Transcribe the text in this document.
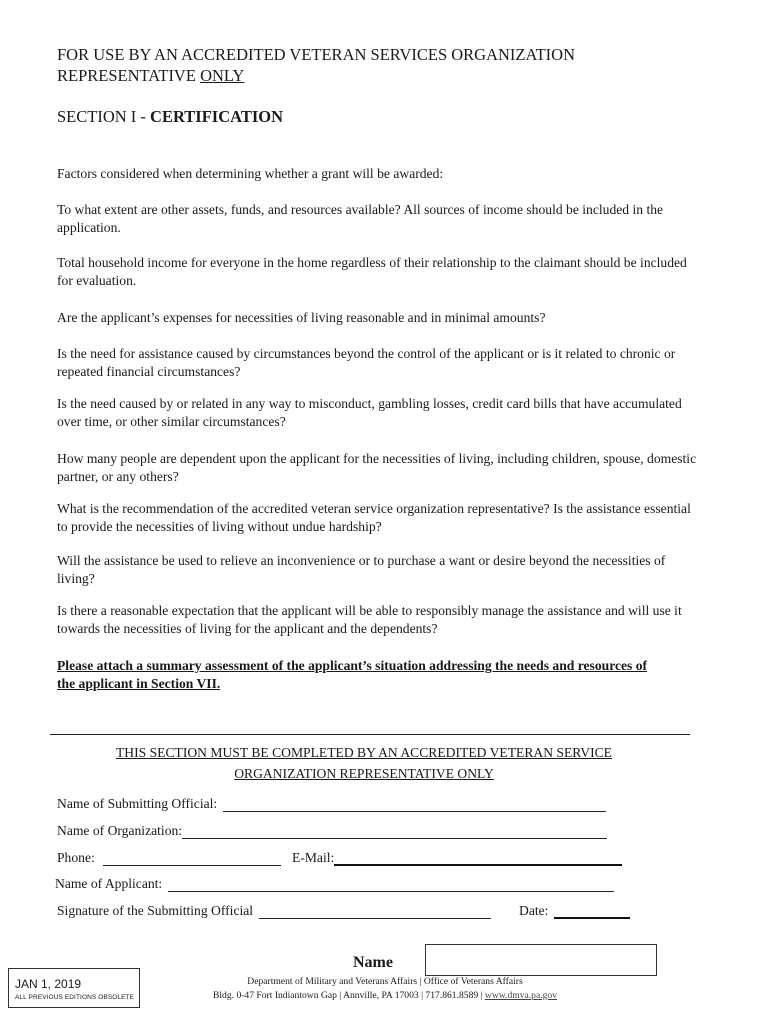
FOR USE BY AN ACCREDITED VETERAN SERVICES ORGANIZATION
REPRESENTATIVE ONLY
SECTION I - CERTIFICATION
Factors considered when determining whether a grant will be awarded:
To what extent are other assets, funds, and resources available? All sources of income should be included in the application.
Total household income for everyone in the home regardless of their relationship to the claimant should be included for evaluation.
Are the applicant’s expenses for necessities of living reasonable and in minimal amounts?
Is the need for assistance caused by circumstances beyond the control of the applicant or is it related to chronic or repeated financial circumstances?
Is the need caused by or related in any way to misconduct, gambling losses, credit card bills that have accumulated over time, or other similar circumstances?
How many people are dependent upon the applicant for the necessities of living, including children, spouse, domestic partner, or any others?
What is the recommendation of the accredited veteran service organization representative? Is the assistance essential to provide the necessities of living without undue hardship?
Will the assistance be used to relieve an inconvenience or to purchase a want or desire beyond the necessities of living?
Is there a reasonable expectation that the applicant will be able to responsibly manage the assistance and will use it towards the necessities of living for the applicant and the dependents?
Please attach a summary assessment of the applicant’s situation addressing the needs and resources of the applicant in Section VII.
THIS SECTION MUST BE COMPLETED BY AN ACCREDITED VETERAN SERVICE
ORGANIZATION REPRESENTATIVE ONLY
Name of Submitting Official:
Name of Organization:
Phone:	E-Mail:
Name of Applicant:
Signature of the Submitting Official	Date:
Name
JAN 1, 2019
ALL PREVIOUS EDITIONS OBSOLETE
Department of Military and Veterans Affairs | Office of Veterans Affairs
Bldg. 0-47 Fort Indiantown Gap | Annville, PA 17003 | 717.861.8589 | www.dmva.pa.gov
